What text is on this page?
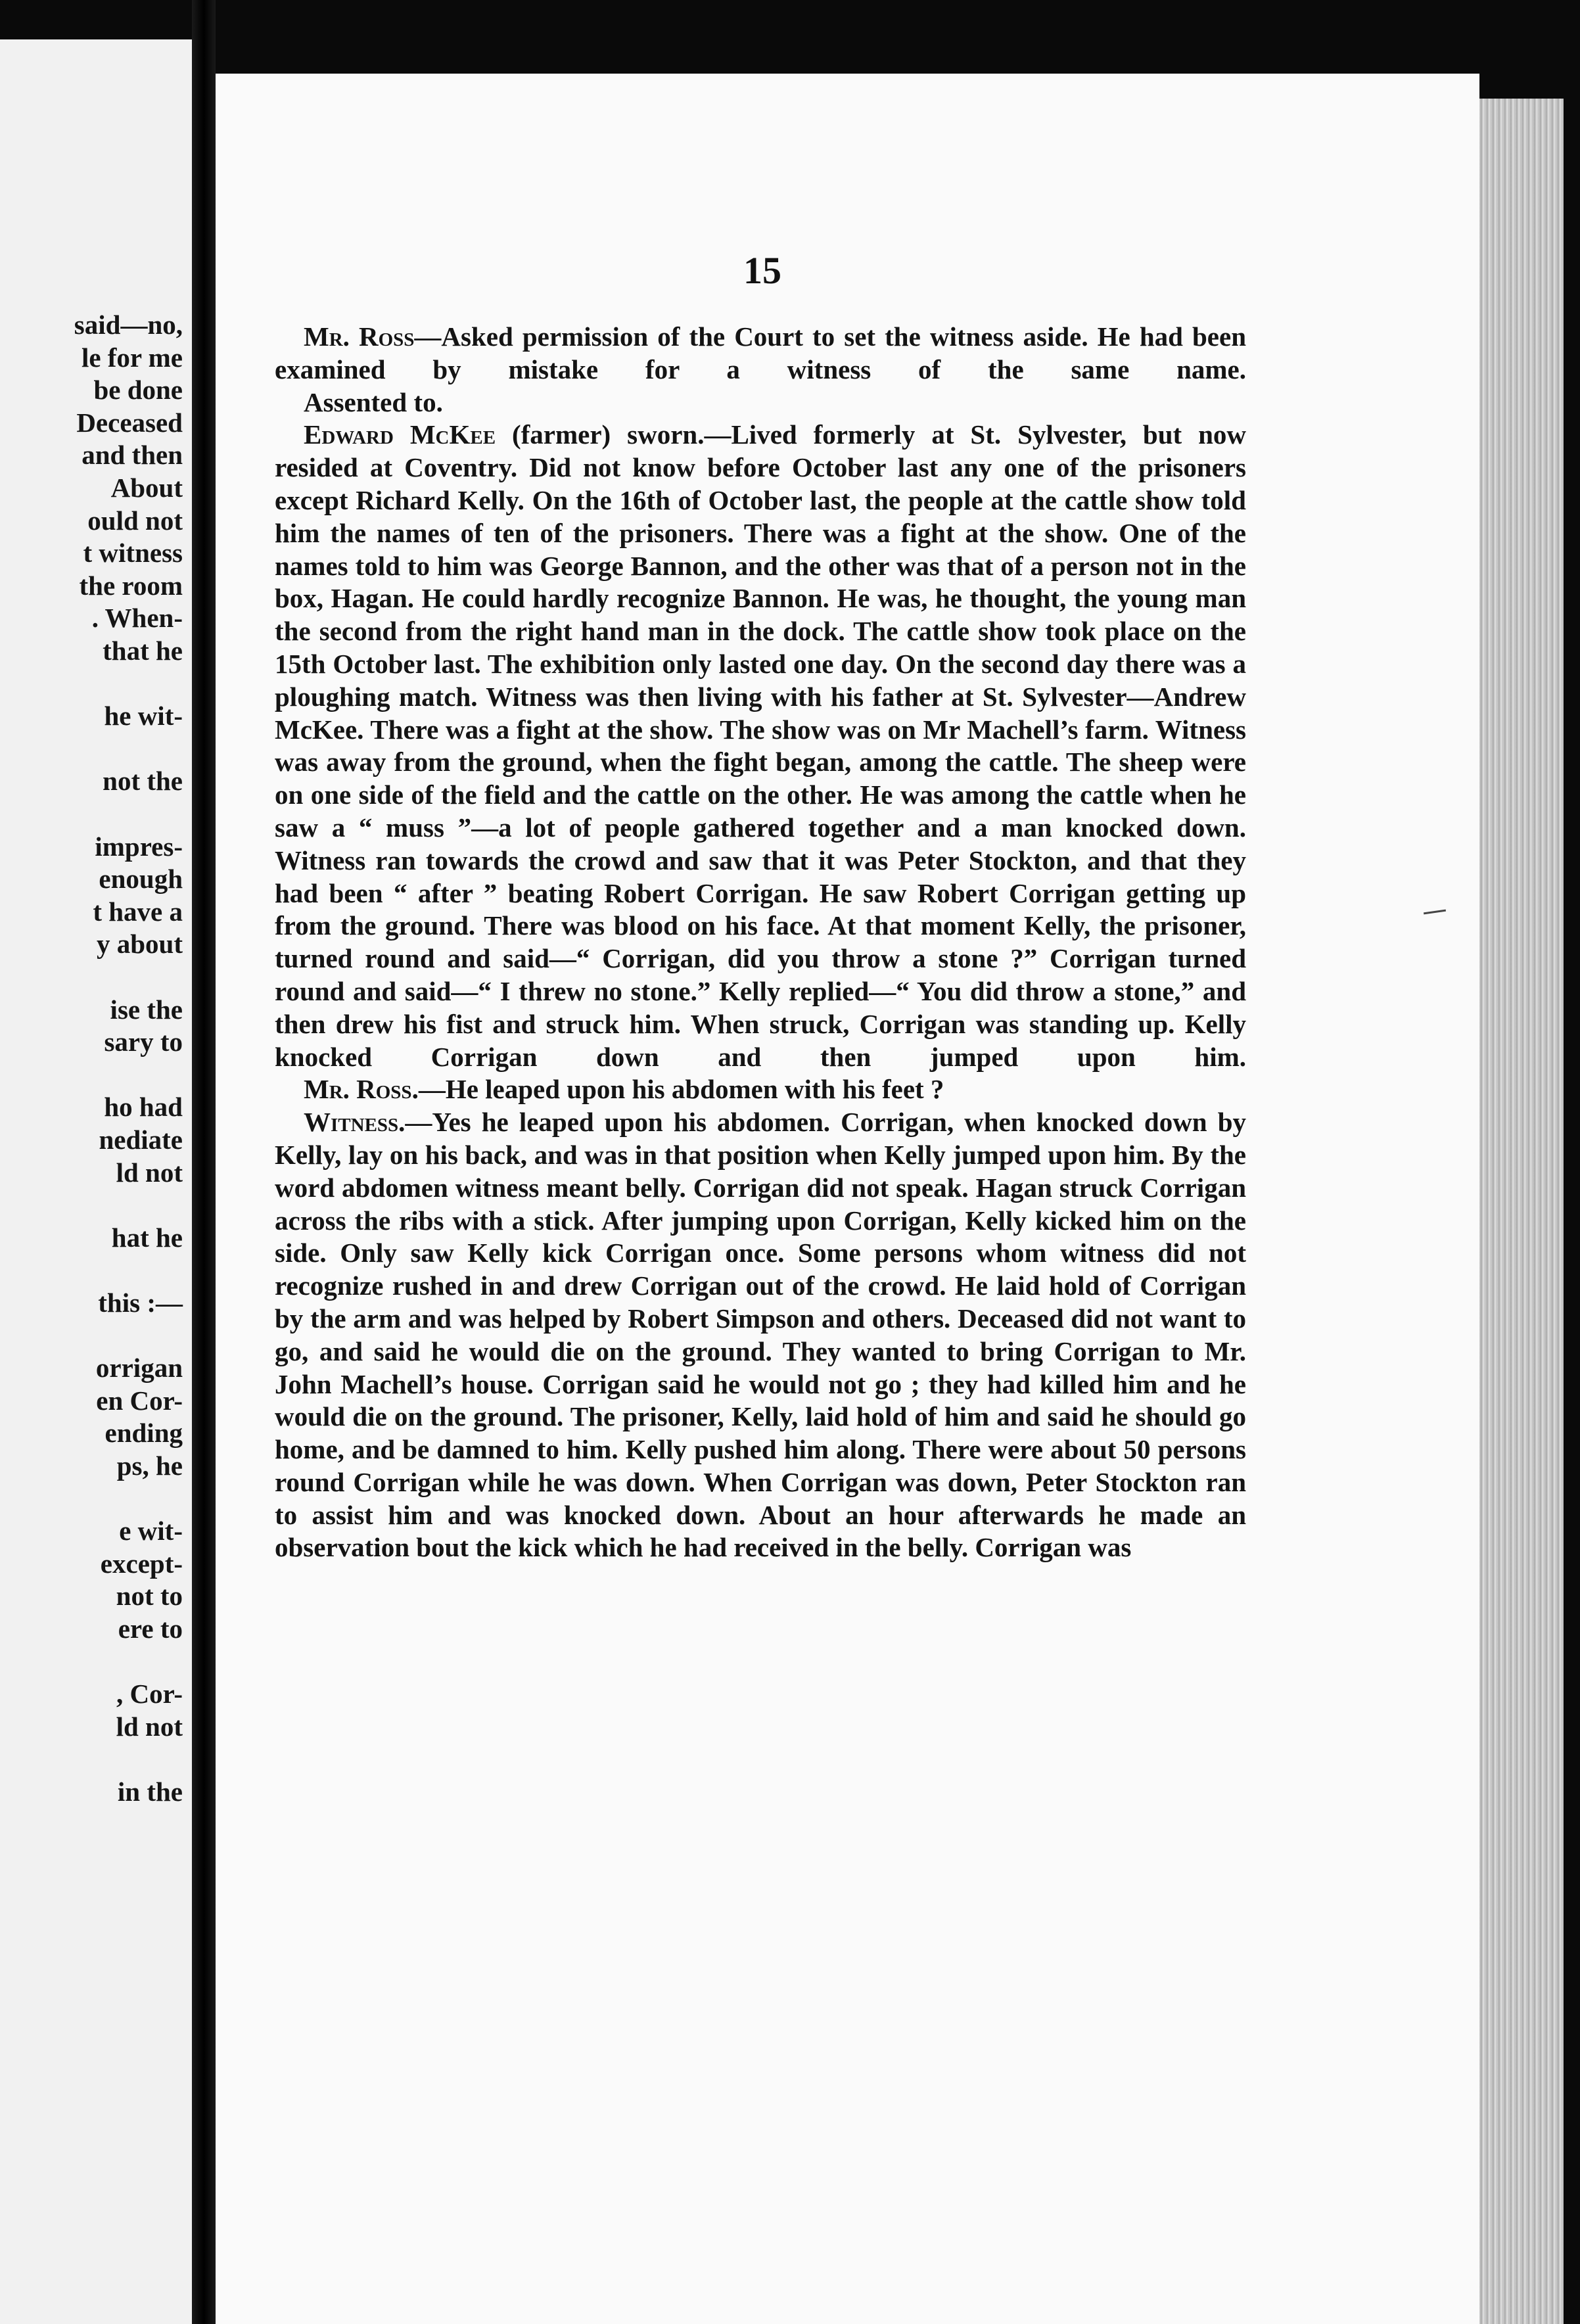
said—no,
le for me
be done
Deceased
and then
About
ould not
t witness
the room
. When-
that he
he wit-
not the
impres-
enough
t have a
y about
ise the
sary to
ho had
nediate
ld not
hat he
this :—
orrigan
en Cor-
ending
ps, he
e wit-
except-
not to
ere to
, Cor-
ld not
in the
15

Mr. Ross—Asked permission of the Court to set the witness aside. He had been examined by mistake for a witness of the same name.

Assented to.

Edward McKee (farmer) sworn.—Lived formerly at St. Sylvester, but now resided at Coventry. Did not know before October last any one of the prisoners except Richard Kelly. On the 16th of October last, the people at the cattle show told him the names of ten of the prisoners. There was a fight at the show. One of the names told to him was George Bannon, and the other was that of a person not in the box, Hagan. He could hardly recognize Bannon. He was, he thought, the young man the second from the right hand man in the dock. The cattle show took place on the 15th October last. The exhibition only lasted one day. On the second day there was a ploughing match. Witness was then living with his father at St. Sylvester—Andrew McKee. There was a fight at the show. The show was on Mr Machell’s farm. Witness was away from the ground, when the fight began, among the cattle. The sheep were on one side of the field and the cattle on the other. He was among the cattle when he saw a “ muss ”—a lot of people gathered together and a man knocked down. Witness ran towards the crowd and saw that it was Peter Stockton, and that they had been “ after ” beating Robert Corrigan. He saw Robert Corrigan getting up from the ground. There was blood on his face. At that moment Kelly, the prisoner, turned round and said—“ Corrigan, did you throw a stone ?” Corrigan turned round and said—“ I threw no stone.” Kelly replied—“ You did throw a stone,” and then drew his fist and struck him. When struck, Corrigan was standing up. Kelly knocked Corrigan down and then jumped upon him.

Mr. Ross.—He leaped upon his abdomen with his feet ?

Witness.—Yes he leaped upon his abdomen. Corrigan, when knocked down by Kelly, lay on his back, and was in that position when Kelly jumped upon him. By the word abdomen witness meant belly. Corrigan did not speak. Hagan struck Corrigan across the ribs with a stick. After jumping upon Corrigan, Kelly kicked him on the side. Only saw Kelly kick Corrigan once. Some persons whom witness did not recognize rushed in and drew Corrigan out of the crowd. He laid hold of Corrigan by the arm and was helped by Robert Simpson and others. Deceased did not want to go, and said he would die on the ground. They wanted to bring Corrigan to Mr. John Machell’s house. Corrigan said he would not go ; they had killed him and he would die on the ground. The prisoner, Kelly, laid hold of him and said he should go home, and be damned to him. Kelly pushed him along. There were about 50 persons round Corrigan while he was down. When Corrigan was down, Peter Stockton ran to assist him and was knocked down. About an hour afterwards he made an observation bout the kick which he had received in the belly. Corrigan was
